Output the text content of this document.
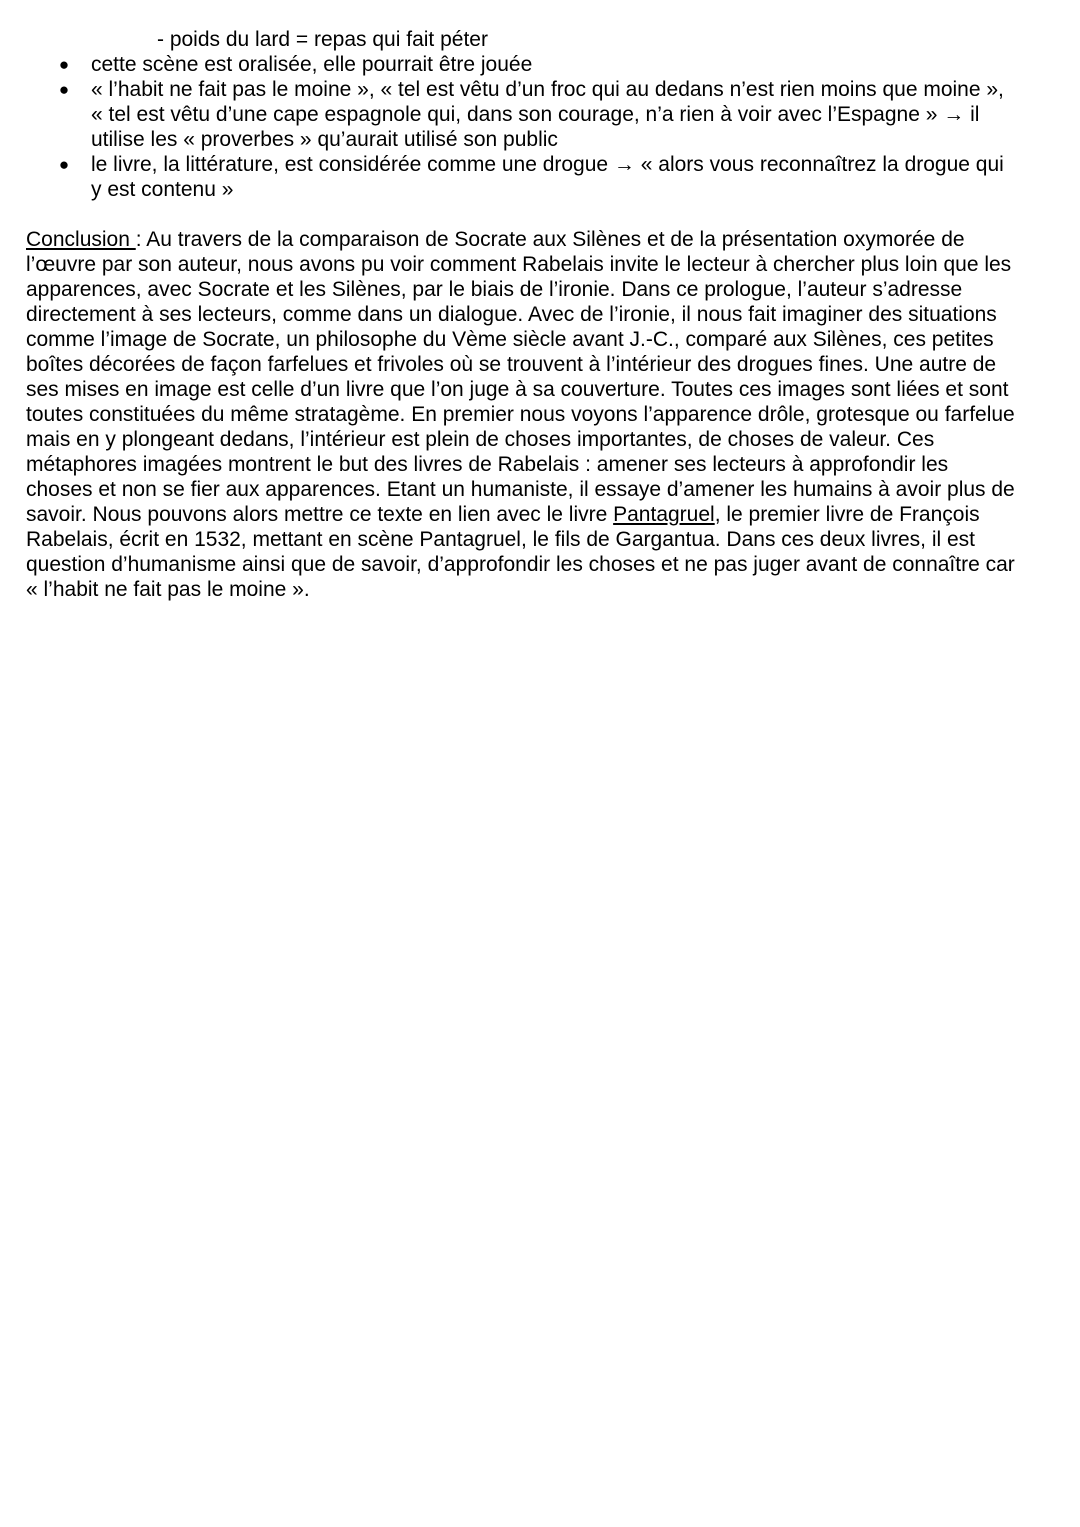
- poids du lard = repas qui fait péter
● cette scène est oralisée, elle pourrait être jouée
● « l’habit ne fait pas le moine », « tel est vêtu d’un froc qui au dedans n’est rien moins que moine »,
« tel est vêtu d’une cape espagnole qui, dans son courage, n’a rien à voir avec l’Espagne » → il
utilise les « proverbes » qu’aurait utilisé son public
● le livre, la littérature, est considérée comme une drogue → « alors vous reconnaîtrez la drogue qui
y est contenu »
Conclusion : Au travers de la comparaison de Socrate aux Silènes et de la présentation oxymorée de
l’œuvre par son auteur, nous avons pu voir comment Rabelais invite le lecteur à chercher plus loin que les
apparences, avec Socrate et les Silènes, par le biais de l’ironie. Dans ce prologue, l’auteur s’adresse
directement à ses lecteurs, comme dans un dialogue. Avec de l’ironie, il nous fait imaginer des situations
comme l’image de Socrate, un philosophe du Vème siècle avant J.-C., comparé aux Silènes, ces petites
boîtes décorées de façon farfelues et frivoles où se trouvent à l’intérieur des drogues fines. Une autre de
ses mises en image est celle d’un livre que l’on juge à sa couverture. Toutes ces images sont liées et sont
toutes constituées du même stratagème. En premier nous voyons l’apparence drôle, grotesque ou farfelue
mais en y plongeant dedans, l’intérieur est plein de choses importantes, de choses de valeur. Ces
métaphores imagées montrent le but des livres de Rabelais : amener ses lecteurs à approfondir les
choses et non se fier aux apparences. Etant un humaniste, il essaye d’amener les humains à avoir plus de
savoir. Nous pouvons alors mettre ce texte en lien avec le livre Pantagruel, le premier livre de François
Rabelais, écrit en 1532, mettant en scène Pantagruel, le fils de Gargantua. Dans ces deux livres, il est
question d’humanisme ainsi que de savoir, d’approfondir les choses et ne pas juger avant de connaître car
« l’habit ne fait pas le moine ».
